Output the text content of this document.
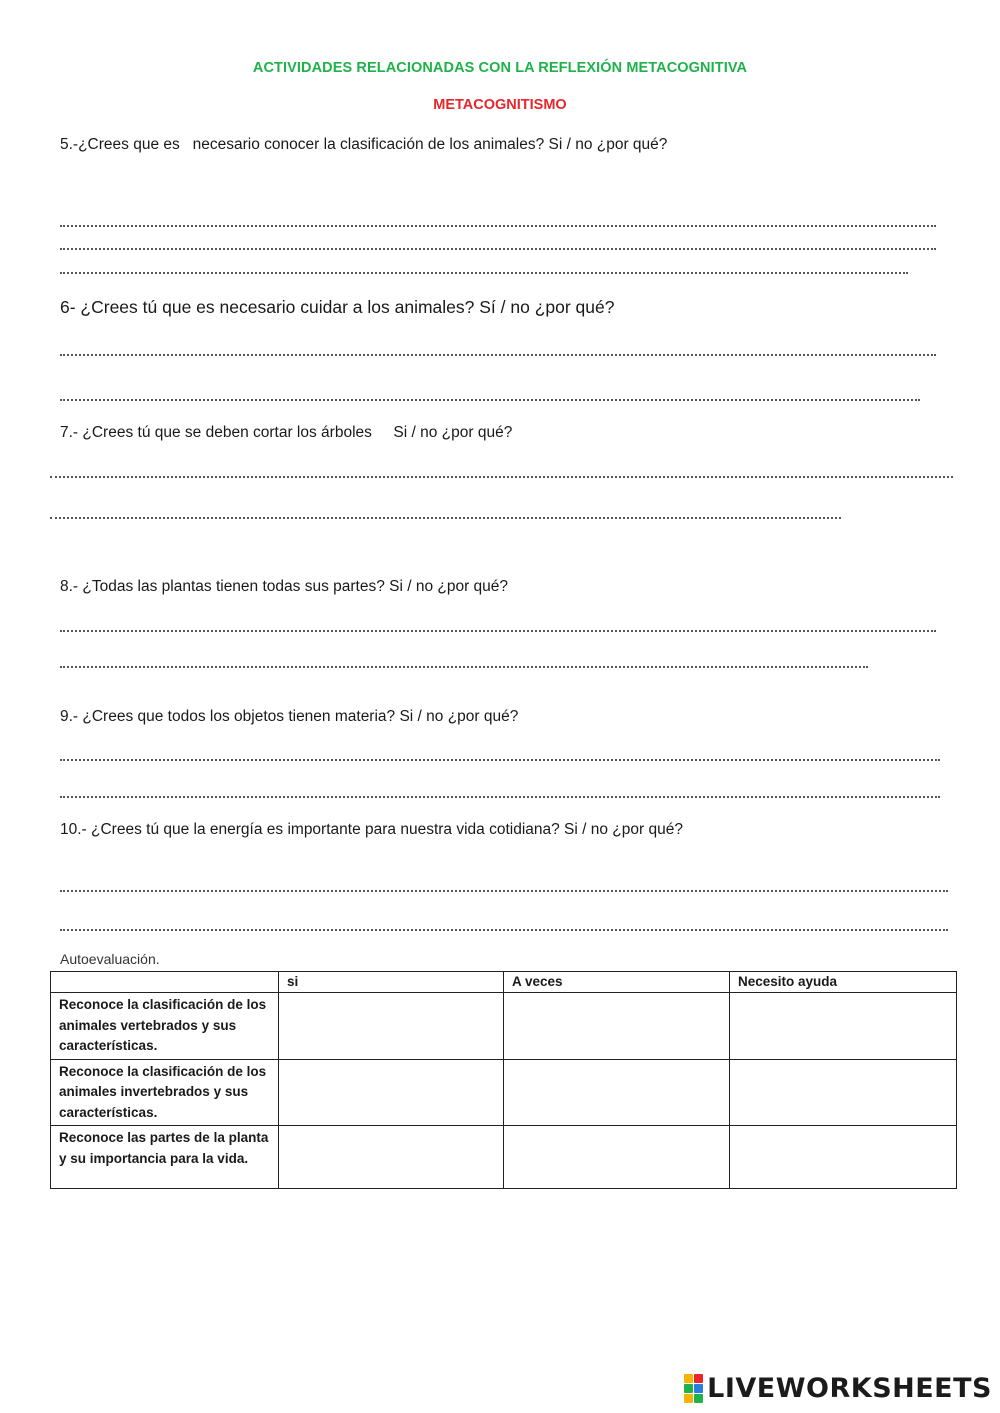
ACTIVIDADES RELACIONADAS CON LA REFLEXIÓN METACOGNITIVA
METACOGNITISMO
5.-¿Crees que es   necesario conocer la clasificación de los animales? Si / no ¿por qué?
6- ¿Crees tú que es necesario cuidar a los animales? Sí / no ¿por qué?
7.- ¿Crees tú que se deben cortar los árboles     Si / no ¿por qué?
8.- ¿Todas las plantas tienen todas sus partes? Si / no ¿por qué?
9.- ¿Crees que todos los objetos tienen materia? Si / no ¿por qué?
10.- ¿Crees tú que la energía es importante para nuestra vida cotidiana? Si / no ¿por qué?
Autoevaluación.
	si	A veces	Necesito ayuda
Reconoce la clasificación de los animales vertebrados y sus características.			
Reconoce la clasificación de los animales invertebrados y sus características.			
Reconoce las partes de la planta y su importancia para la vida.			
LIVEWORKSHEETS
